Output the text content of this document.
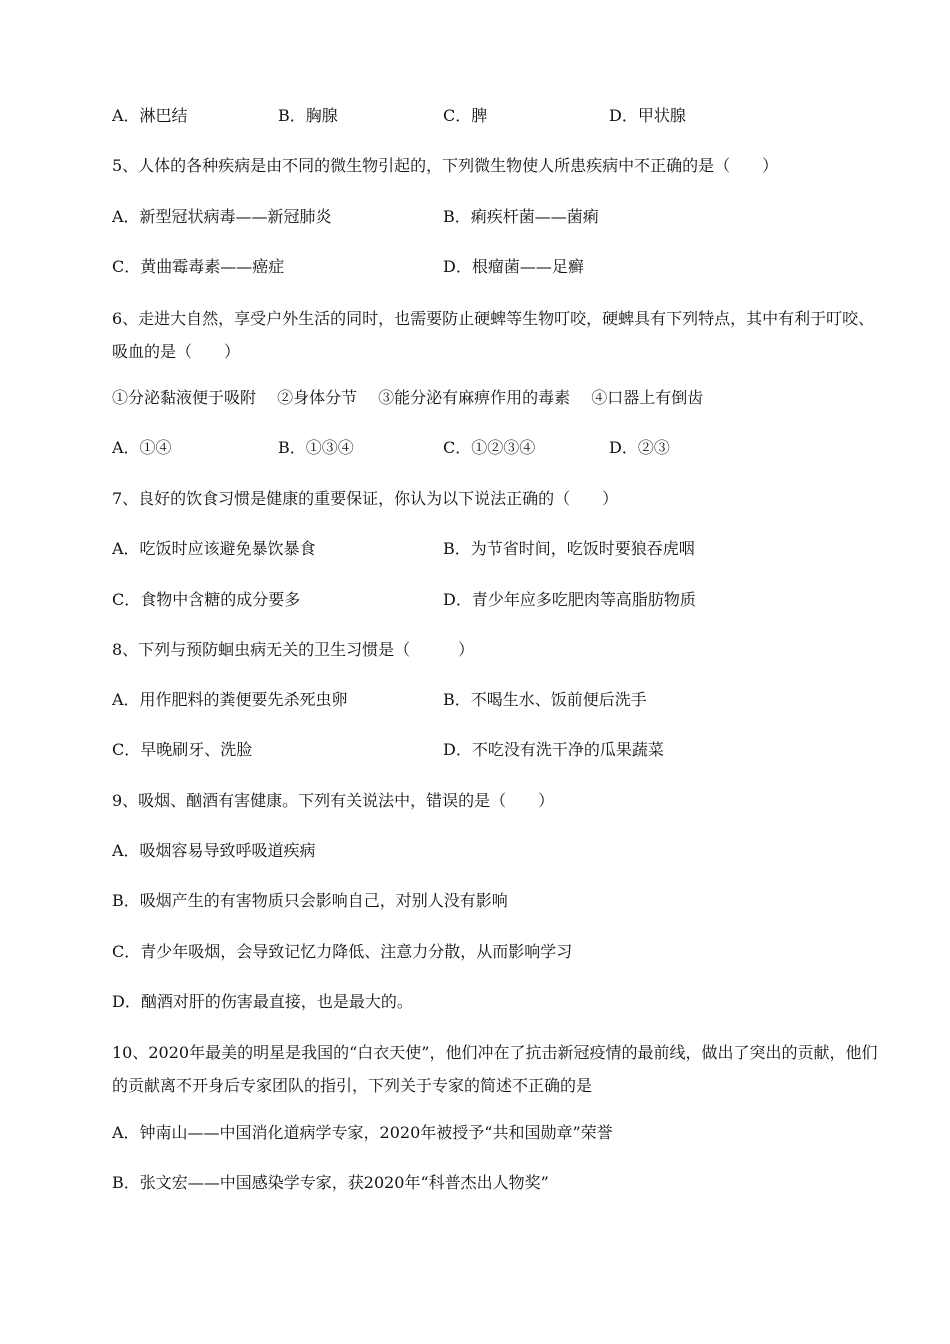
A．淋巴结	B．胸腺	C．脾	D．甲状腺
5、人体的各种疾病是由不同的微生物引起的，下列微生物使人所患疾病中不正确的是（　　）
A．新型冠状病毒——新冠肺炎	B．痢疾杆菌——菌痢
C．黄曲霉毒素——癌症	D．根瘤菌——足癣
6、走进大自然，享受户外生活的同时，也需要防止硬蜱等生物叮咬，硬蜱具有下列特点，其中有利于叮咬、吸血的是（　　）
①分泌黏液便于吸附　 ②身体分节　 ③能分泌有麻痹作用的毒素　 ④口器上有倒齿
A．①④	B．①③④	C．①②③④	D．②③
7、良好的饮食习惯是健康的重要保证，你认为以下说法正确的（　　）
A．吃饭时应该避免暴饮暴食	B．为节省时间，吃饭时要狼吞虎咽
C．食物中含糖的成分要多	D．青少年应多吃肥肉等高脂肪物质
8、下列与预防蛔虫病无关的卫生习惯是（　　　）
A．用作肥料的粪便要先杀死虫卵	B．不喝生水、饭前便后洗手
C．早晚刷牙、洗脸	D．不吃没有洗干净的瓜果蔬菜
9、吸烟、酗酒有害健康。下列有关说法中，错误的是（　　）
A．吸烟容易导致呼吸道疾病
B．吸烟产生的有害物质只会影响自己，对别人没有影响
C．青少年吸烟，会导致记忆力降低、注意力分散，从而影响学习
D．酗酒对肝的伤害最直接，也是最大的。
10、2020年最美的明星是我国的“白衣天使”，他们冲在了抗击新冠疫情的最前线，做出了突出的贡献，他们的贡献离不开身后专家团队的指引，下列关于专家的简述不正确的是
A．钟南山——中国消化道病学专家，2020年被授予“共和国勋章”荣誉
B．张文宏——中国感染学专家，获2020年“科普杰出人物奖”
